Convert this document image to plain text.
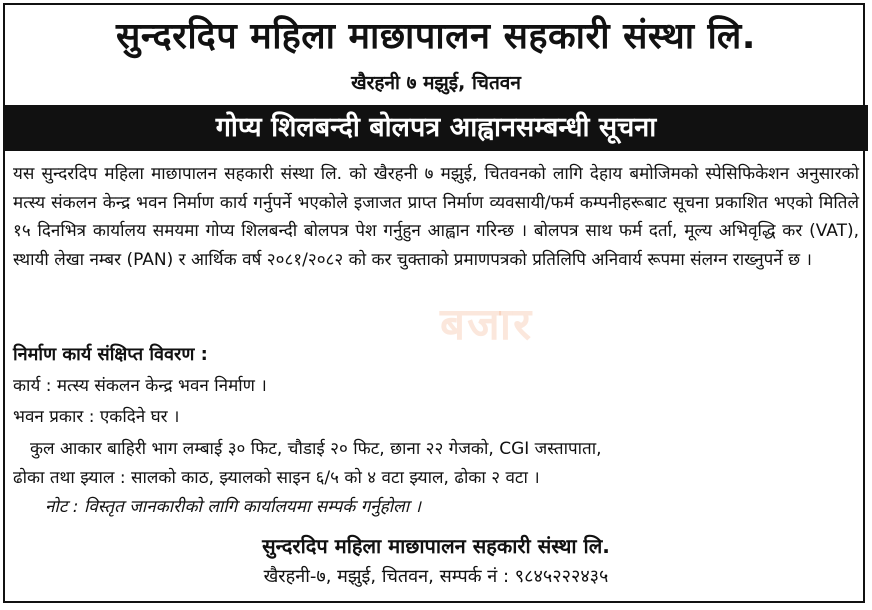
सुन्दरदिप महिला माछापालन सहकारी संस्था लि.
खैरहनी ७ मझुई, चितवन
गोप्य शिलबन्दी बोलपत्र आह्वानसम्बन्धी सूचना

यस सुन्दरदिप महिला माछापालन सहकारी संस्था लि. को खैरहनी ७ मझुई, चितवनको लागि देहाय बमोजिमको स्पेसिफिकेशन अनुसारको मत्स्य संकलन केन्द्र भवन निर्माण कार्य गर्नुपर्ने भएकोले इजाजत प्राप्त निर्माण व्यवसायी/फर्म कम्पनीहरूबाट सूचना प्रकाशित भएको मितिले १५ दिनभित्र कार्यालय समयमा गोप्य शिलबन्दी बोलपत्र पेश गर्नुहुन आह्वान गरिन्छ । बोलपत्र साथ फर्म दर्ता, मूल्य अभिवृद्धि कर (VAT), स्थायी लेखा नम्बर (PAN) र आर्थिक वर्ष २०८१/२०८२ को कर चुक्ताको प्रमाणपत्रको प्रतिलिपि अनिवार्य रूपमा संलग्न राख्नुपर्ने छ ।

बजार
निर्माण कार्य संक्षिप्त विवरण :
कार्य : मत्स्य संकलन केन्द्र भवन निर्माण ।
भवन प्रकार : एकदिने घर ।
कुल आकार बाहिरी भाग लम्बाई ३० फिट, चौडाई २० फिट, छाना २२ गेजको, CGI जस्तापाता,
ढोका तथा झ्याल : सालको काठ, झ्यालको साइन ६/५ को ४ वटा झ्याल, ढोका २ वटा ।
नोट : विस्तृत जानकारीको लागि कार्यालयमा सम्पर्क गर्नुहोला ।
सुन्दरदिप महिला माछापालन सहकारी संस्था लि.
खैरहनी-७, मझुई, चितवन, सम्पर्क नं : ९८४५२२२४३५
